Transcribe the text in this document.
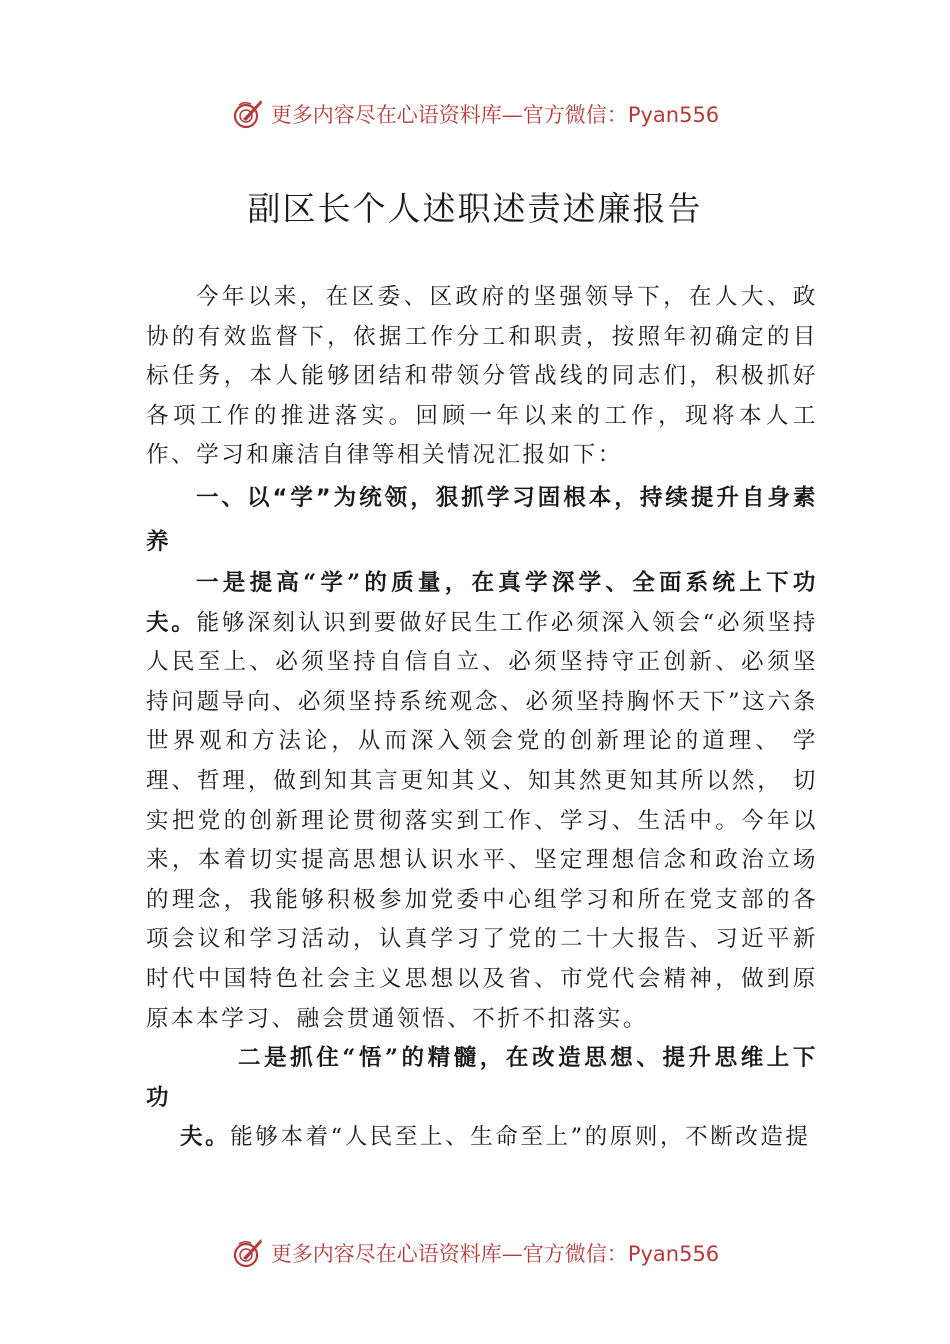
更多内容尽在心语资料库—官方微信：Pyan556
副区长个人述职述责述廉报告

今年以来，在区委、区政府的坚强领导下，在人大、政协的有效监督下，依据工作分工和职责，按照年初确定的目标任务，本人能够团结和带领分管战线的同志们，积极抓好各项工作的推进落实。回顾一年以来的工作，现将本人工作、学习和廉洁自律等相关情况汇报如下：

一、以“学”为统领，狠抓学习固根本，持续提升自身素养

一是提高“学”的质量，在真学深学、全面系统上下功夫。能够深刻认识到要做好民生工作必须深入领会“必须坚持人民至上、必须坚持自信自立、必须坚持守正创新、必须坚持问题导向、必须坚持系统观念、必须坚持胸怀天下”这六条世界观和方法论，从而深入领会党的创新理论的道理、 学理、哲理，做到知其言更知其义、知其然更知其所以然， 切实把党的创新理论贯彻落实到工作、学习、生活中。今年以来，本着切实提高思想认识水平、坚定理想信念和政治立场的理念，我能够积极参加党委中心组学习和所在党支部的各项会议和学习活动，认真学习了党的二十大报告、习近平新时代中国特色社会主义思想以及省、市党代会精神，做到原原本本学习、融会贯通领悟、不折不扣落实。

二是抓住“悟”的精髓，在改造思想、提升思维上下功
夫。能够本着“人民至上、生命至上”的原则，不断改造提

更多内容尽在心语资料库—官方微信：Pyan556
